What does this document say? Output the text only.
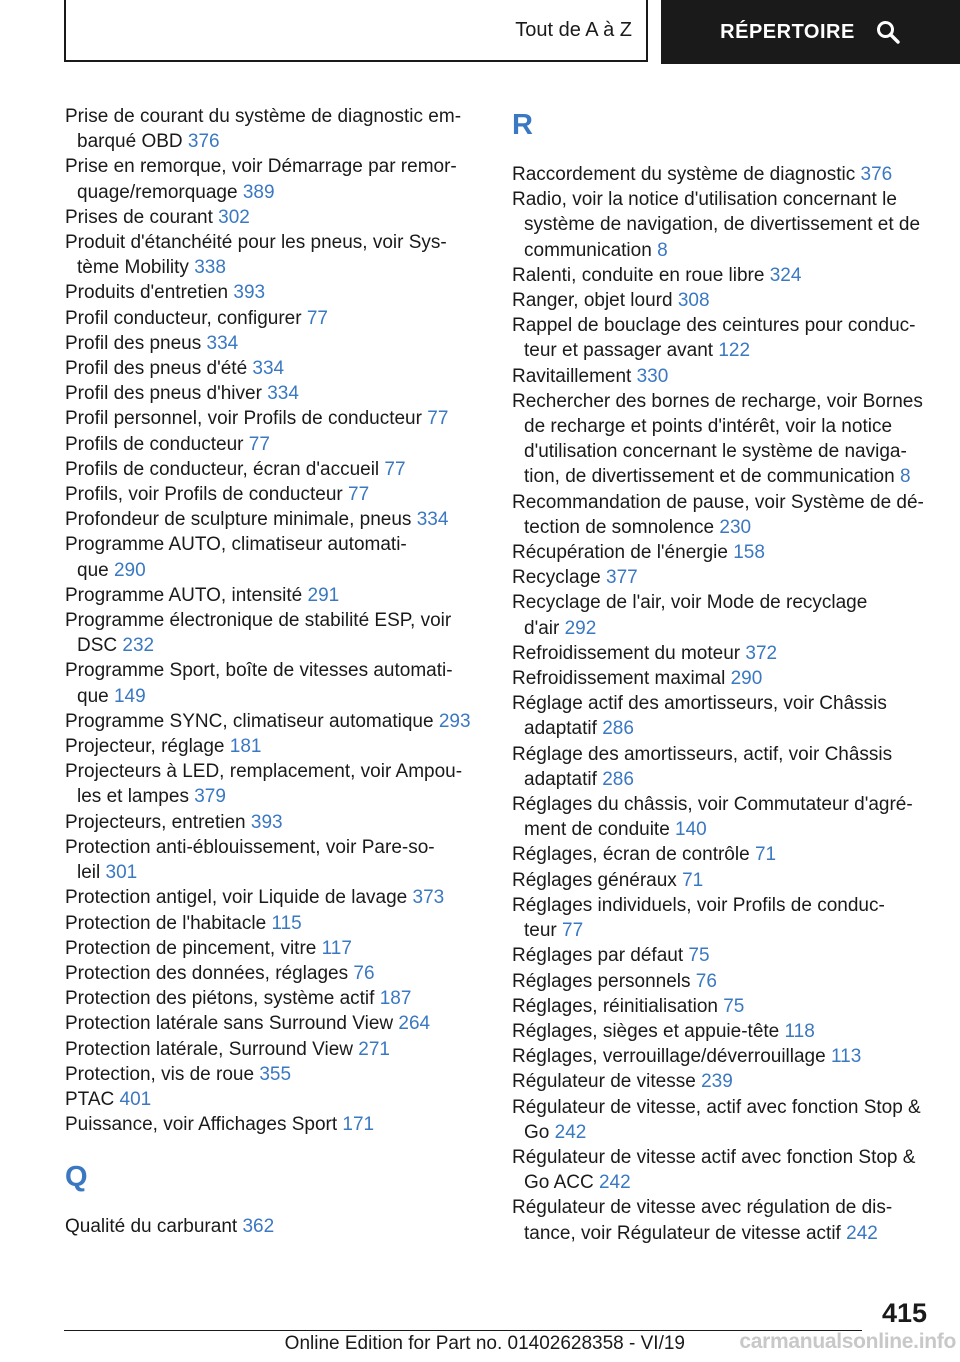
Tout de A à Z	RÉPERTOIRE

Prise de courant du système de diagnostic em-
barqué OBD 376

Prise en remorque, voir Démarrage par remor-
quage/remorquage 389

Prises de courant 302

Produit d'étanchéité pour les pneus, voir Sys-
tème Mobility 338

Produits d'entretien 393

Profil conducteur, configurer 77

Profil des pneus 334

Profil des pneus d'été 334

Profil des pneus d'hiver 334

Profil personnel, voir Profils de conducteur 77

Profils de conducteur 77

Profils de conducteur, écran d'accueil 77

Profils, voir Profils de conducteur 77

Profondeur de sculpture minimale, pneus 334

Programme AUTO, climatiseur automati-
que 290

Programme AUTO, intensité 291

Programme électronique de stabilité ESP, voir
DSC 232

Programme Sport, boîte de vitesses automati-
que 149

Programme SYNC, climatiseur automatique 293

Projecteur, réglage 181

Projecteurs à LED, remplacement, voir Ampou-
les et lampes 379

Projecteurs, entretien 393

Protection anti-éblouissement, voir Pare-so-
leil 301

Protection antigel, voir Liquide de lavage 373

Protection de l'habitacle 115

Protection de pincement, vitre 117

Protection des données, réglages 76

Protection des piétons, système actif 187

Protection latérale sans Surround View 264

Protection latérale, Surround View 271

Protection, vis de roue 355

PTAC 401

Puissance, voir Affichages Sport 171

Q

Qualité du carburant 362

R

Raccordement du système de diagnostic 376

Radio, voir la notice d'utilisation concernant le
système de navigation, de divertissement et de
communication 8

Ralenti, conduite en roue libre 324

Ranger, objet lourd 308

Rappel de bouclage des ceintures pour conduc-
teur et passager avant 122

Ravitaillement 330

Rechercher des bornes de recharge, voir Bornes
de recharge et points d'intérêt, voir la notice
d'utilisation concernant le système de naviga-
tion, de divertissement et de communication 8

Recommandation de pause, voir Système de dé-
tection de somnolence 230

Récupération de l'énergie 158

Recyclage 377

Recyclage de l'air, voir Mode de recyclage
d'air 292

Refroidissement du moteur 372

Refroidissement maximal 290

Réglage actif des amortisseurs, voir Châssis
adaptatif 286

Réglage des amortisseurs, actif, voir Châssis
adaptatif 286

Réglages du châssis, voir Commutateur d'agré-
ment de conduite 140

Réglages, écran de contrôle 71

Réglages généraux 71

Réglages individuels, voir Profils de conduc-
teur 77

Réglages par défaut 75

Réglages personnels 76

Réglages, réinitialisation 75

Réglages, sièges et appuie-tête 118

Réglages, verrouillage/déverrouillage 113

Régulateur de vitesse 239

Régulateur de vitesse, actif avec fonction Stop &
Go 242

Régulateur de vitesse actif avec fonction Stop &
Go ACC 242

Régulateur de vitesse avec régulation de dis-
tance, voir Régulateur de vitesse actif 242

415
Online Edition for Part no. 01402628358 - VI/19	carmanualsonline.info
